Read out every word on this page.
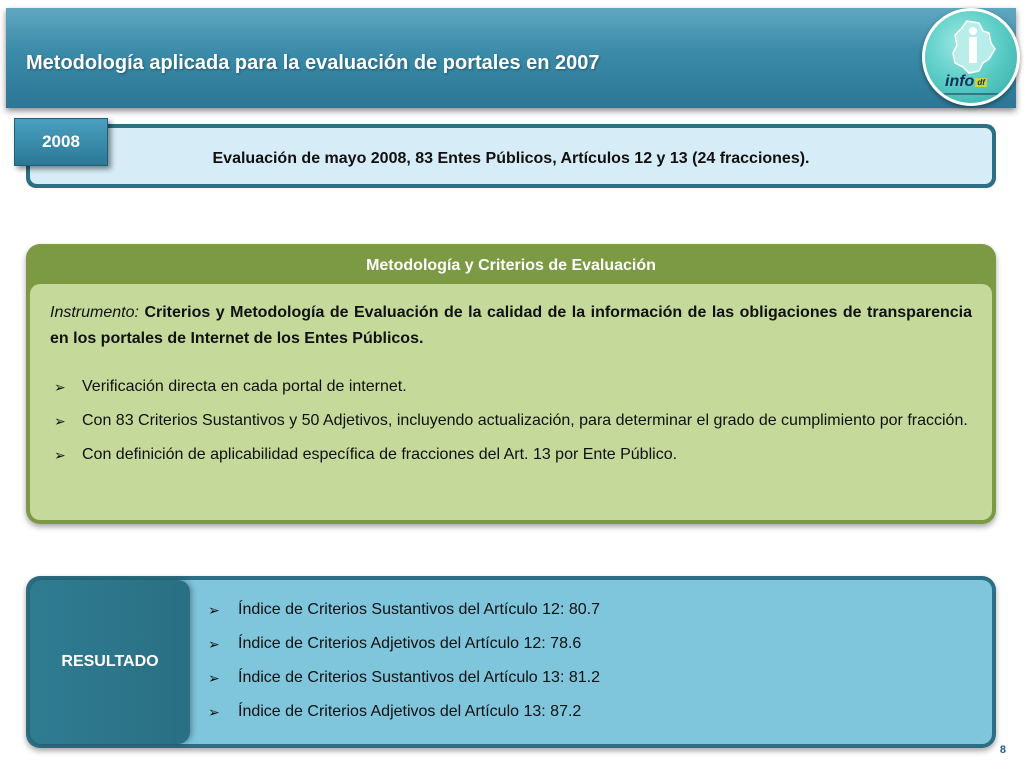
Metodología aplicada para la evaluación de portales en 2007
info df
Evaluación de mayo 2008, 83 Entes Públicos, Artículos 12 y 13 (24 fracciones).
2008
Metodología y Criterios de Evaluación

Instrumento: Criterios y Metodología de Evaluación de la calidad de la información de las obligaciones de transparencia en los portales de Internet de los Entes Públicos.

➢ Verificación directa en cada portal de internet.
➢ Con 83 Criterios Sustantivos y 50 Adjetivos, incluyendo actualización, para determinar el grado de cumplimiento por fracción.
➢ Con definición de aplicabilidad específica de fracciones del Art. 13 por Ente Público.
RESULTADO
➢ Índice de Criterios Sustantivos del Artículo 12: 80.7
➢ Índice de Criterios Adjetivos del Artículo 12: 78.6
➢ Índice de Criterios Sustantivos del Artículo 13: 81.2
➢ Índice de Criterios Adjetivos del Artículo 13: 87.2
8
